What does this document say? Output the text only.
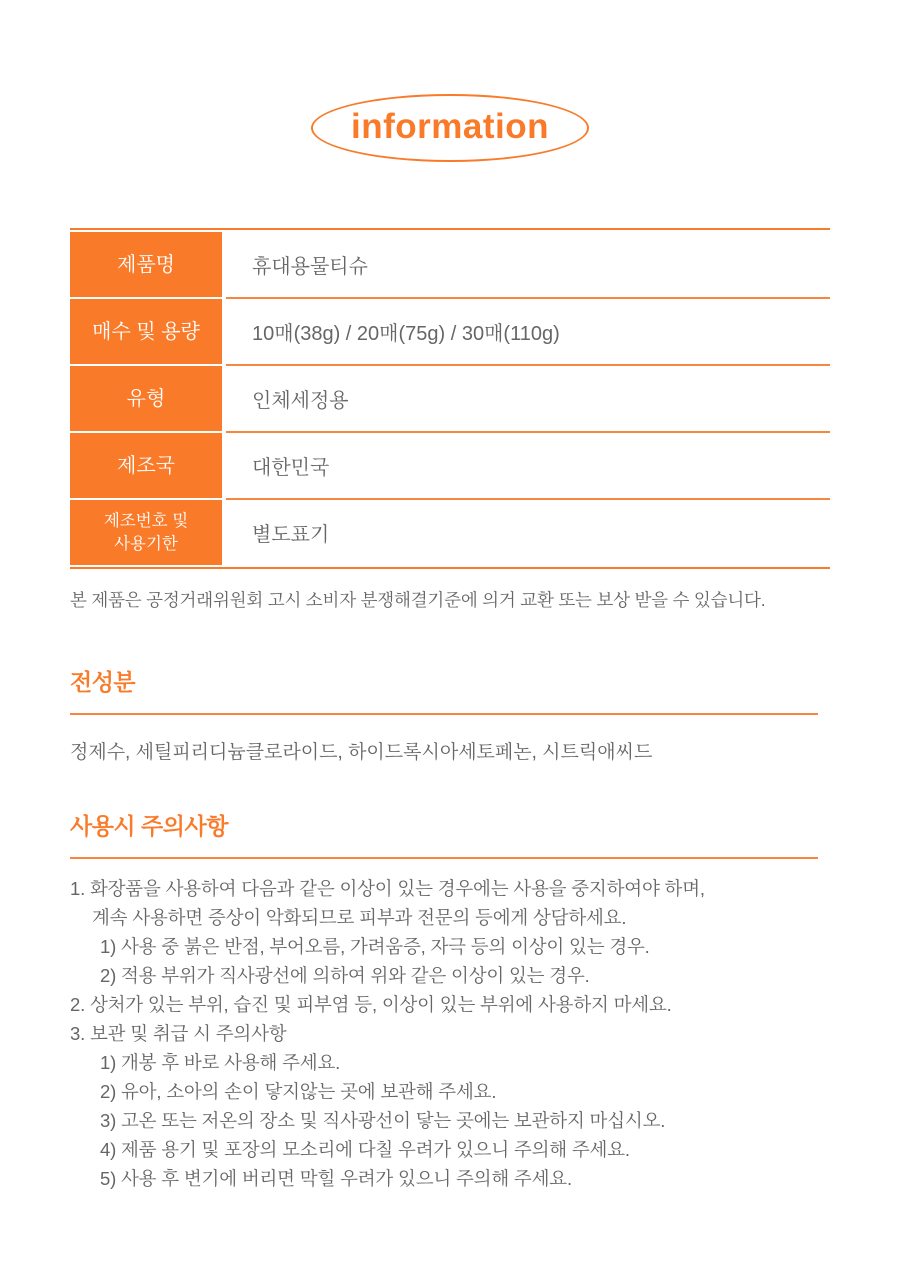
information
제품명	휴대용물티슈
매수 및 용량	10매(38g) / 20매(75g) / 30매(110g)
유형	인체세정용
제조국	대한민국
제조번호 및
사용기한	별도표기

본 제품은 공정거래위원회 고시 소비자 분쟁해결기준에 의거 교환 또는 보상 받을 수 있습니다.

전성분

정제수, 세틸피리디늄클로라이드, 하이드록시아세토페논, 시트릭애씨드

사용시 주의사항
1. 화장품을 사용하여 다음과 같은 이상이 있는 경우에는 사용을 중지하여야 하며,
계속 사용하면 증상이 악화되므로 피부과 전문의 등에게 상담하세요.
1) 사용 중 붉은 반점, 부어오름, 가려움증, 자극 등의 이상이 있는 경우.
2) 적용 부위가 직사광선에 의하여 위와 같은 이상이 있는 경우.
2. 상처가 있는 부위, 습진 및 피부염 등, 이상이 있는 부위에 사용하지 마세요.
3. 보관 및 취급 시 주의사항
1) 개봉 후 바로 사용해 주세요.
2) 유아, 소아의 손이 닿지않는 곳에 보관해 주세요.
3) 고온 또는 저온의 장소 및 직사광선이 닿는 곳에는 보관하지 마십시오.
4) 제품 용기 및 포장의 모소리에 다칠 우려가 있으니 주의해 주세요.
5) 사용 후 변기에 버리면 막힐 우려가 있으니 주의해 주세요.
